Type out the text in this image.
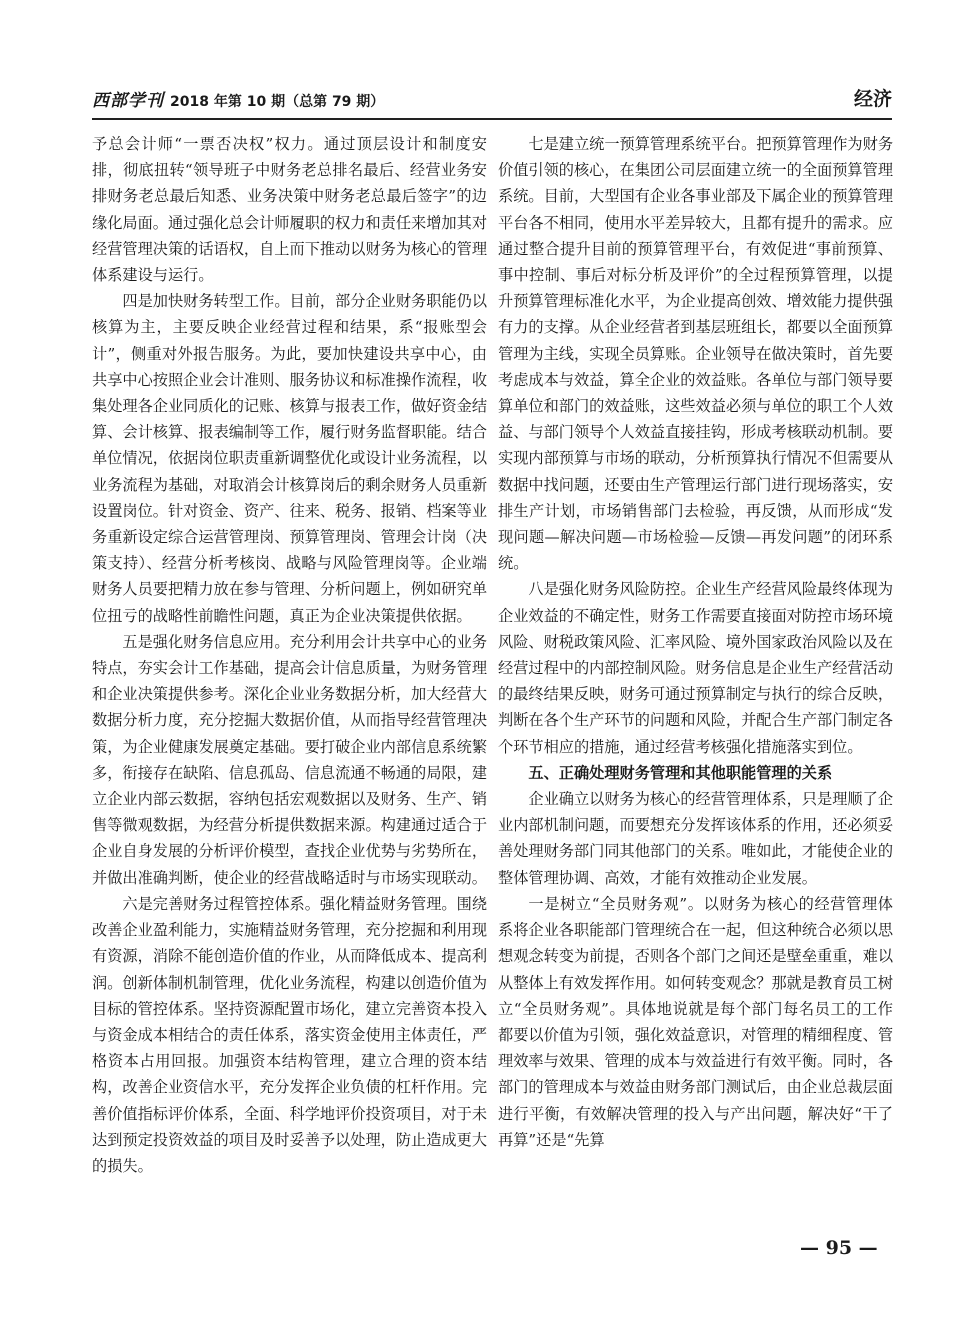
西部学刊 2018 年第 10 期（总第 79 期）	经济

予总会计师“一票否决权”权力。通过顶层设计和制度安排，彻底扭转“领导班子中财务老总排名最后、经营业务安排财务老总最后知悉、业务决策中财务老总最后签字”的边缘化局面。通过强化总会计师履职的权力和责任来增加其对经营管理决策的话语权，自上而下推动以财务为核心的管理体系建设与运行。

四是加快财务转型工作。目前，部分企业财务职能仍以核算为主，主要反映企业经营过程和结果，系“报账型会计”，侧重对外报告服务。为此，要加快建设共享中心，由共享中心按照企业会计准则、服务协议和标准操作流程，收集处理各企业同质化的记账、核算与报表工作，做好资金结算、会计核算、报表编制等工作，履行财务监督职能。结合单位情况，依据岗位职责重新调整优化或设计业务流程，以业务流程为基础，对取消会计核算岗后的剩余财务人员重新设置岗位。针对资金、资产、往来、税务、报销、档案等业务重新设定综合运营管理岗、预算管理岗、管理会计岗（决策支持）、经营分析考核岗、战略与风险管理岗等。企业端财务人员要把精力放在参与管理、分析问题上，例如研究单位扭亏的战略性前瞻性问题，真正为企业决策提供依据。

五是强化财务信息应用。充分利用会计共享中心的业务特点，夯实会计工作基础，提高会计信息质量，为财务管理和企业决策提供参考。深化企业业务数据分析，加大经营大数据分析力度，充分挖掘大数据价值，从而指导经营管理决策，为企业健康发展奠定基础。要打破企业内部信息系统繁多，衔接存在缺陷、信息孤岛、信息流通不畅通的局限，建立企业内部云数据，容纳包括宏观数据以及财务、生产、销售等微观数据，为经营分析提供数据来源。构建通过适合于企业自身发展的分析评价模型，查找企业优势与劣势所在，并做出准确判断，使企业的经营战略适时与市场实现联动。

六是完善财务过程管控体系。强化精益财务管理。围绕改善企业盈利能力，实施精益财务管理，充分挖掘和利用现有资源，消除不能创造价值的作业，从而降低成本、提高利润。创新体制机制管理，优化业务流程，构建以创造价值为目标的管控体系。坚持资源配置市场化，建立完善资本投入与资金成本相结合的责任体系，落实资金使用主体责任，严格资本占用回报。加强资本结构管理，建立合理的资本结构，改善企业资信水平，充分发挥企业负债的杠杆作用。完善价值指标评价体系，全面、科学地评价投资项目，对于未达到预定投资效益的项目及时妥善予以处理，防止造成更大的损失。

七是建立统一预算管理系统平台。把预算管理作为财务价值引领的核心，在集团公司层面建立统一的全面预算管理系统。目前，大型国有企业各事业部及下属企业的预算管理平台各不相同，使用水平差异较大，且都有提升的需求。应通过整合提升目前的预算管理平台，有效促进“事前预算、事中控制、事后对标分析及评价”的全过程预算管理，以提升预算管理标准化水平，为企业提高创效、增效能力提供强有力的支撑。从企业经营者到基层班组长，都要以全面预算管理为主线，实现全员算账。企业领导在做决策时，首先要考虑成本与效益，算全企业的效益账。各单位与部门领导要算单位和部门的效益账，这些效益必须与单位的职工个人效益、与部门领导个人效益直接挂钩，形成考核联动机制。要实现内部预算与市场的联动，分析预算执行情况不但需要从数据中找问题，还要由生产管理运行部门进行现场落实，安排生产计划，市场销售部门去检验，再反馈，从而形成“发现问题—解决问题—市场检验—反馈—再发问题”的闭环系统。

八是强化财务风险防控。企业生产经营风险最终体现为企业效益的不确定性，财务工作需要直接面对防控市场环境风险、财税政策风险、汇率风险、境外国家政治风险以及在经营过程中的内部控制风险。财务信息是企业生产经营活动的最终结果反映，财务可通过预算制定与执行的综合反映，判断在各个生产环节的问题和风险，并配合生产部门制定各个环节相应的措施，通过经营考核强化措施落实到位。

五、正确处理财务管理和其他职能管理的关系

企业确立以财务为核心的经营管理体系，只是理顺了企业内部机制问题，而要想充分发挥该体系的作用，还必须妥善处理财务部门同其他部门的关系。唯如此，才能使企业的整体管理协调、高效，才能有效推动企业发展。

一是树立“全员财务观”。以财务为核心的经营管理体系将企业各职能部门管理统合在一起，但这种统合必须以思想观念转变为前提，否则各个部门之间还是壁垒重重，难以从整体上有效发挥作用。如何转变观念？那就是教育员工树立“全员财务观”。具体地说就是每个部门每名员工的工作都要以价值为引领，强化效益意识，对管理的精细程度、管理效率与效果、管理的成本与效益进行有效平衡。同时，各部门的管理成本与效益由财务部门测试后，由企业总裁层面进行平衡，有效解决管理的投入与产出问题，解决好“干了再算”还是“先算

— 95 —
